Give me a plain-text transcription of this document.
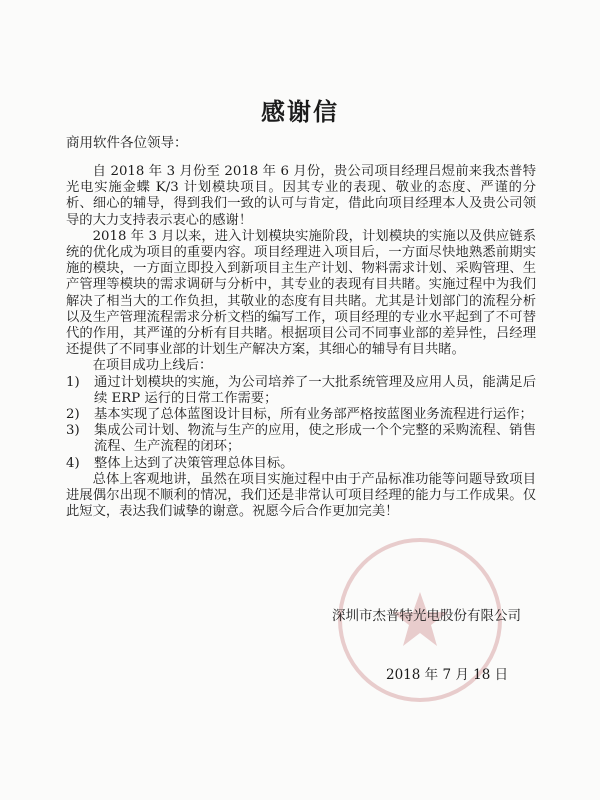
感谢信
商用软件各位领导：

自 2018 年 3 月份至 2018 年 6 月份，贵公司项目经理吕煜前来我杰普特光电实施金蝶 K/3 计划模块项目。因其专业的表现、敬业的态度、严谨的分析、细心的辅导，得到我们一致的认可与肯定，借此向项目经理本人及贵公司领导的大力支持表示衷心的感谢！

2018 年 3 月以来，进入计划模块实施阶段，计划模块的实施以及供应链系统的优化成为项目的重要内容。项目经理进入项目后，一方面尽快地熟悉前期实施的模块，一方面立即投入到新项目主生产计划、物料需求计划、采购管理、生产管理等模块的需求调研与分析中，其专业的表现有目共睹。实施过程中为我们解决了相当大的工作负担，其敬业的态度有目共睹。尤其是计划部门的流程分析以及生产管理流程需求分析文档的编写工作，项目经理的专业水平起到了不可替代的作用，其严谨的分析有目共睹。根据项目公司不同事业部的差异性，吕经理还提供了不同事业部的计划生产解决方案，其细心的辅导有目共睹。

在项目成功上线后：

1) 通过计划模块的实施，为公司培养了一大批系统管理及应用人员，能满足后续 ERP 运行的日常工作需要；
2) 基本实现了总体蓝图设计目标，所有业务部严格按蓝图业务流程进行运作；
3) 集成公司计划、物流与生产的应用，使之形成一个个完整的采购流程、销售流程、生产流程的闭环；
4) 整体上达到了决策管理总体目标。

总体上客观地讲，虽然在项目实施过程中由于产品标准功能等问题导致项目进展偶尔出现不顺利的情况，我们还是非常认可项目经理的能力与工作成果。仅此短文，表达我们诚挚的谢意。祝愿今后合作更加完美！

深圳市杰普特光电股份有限公司
2018 年 7 月 18 日
